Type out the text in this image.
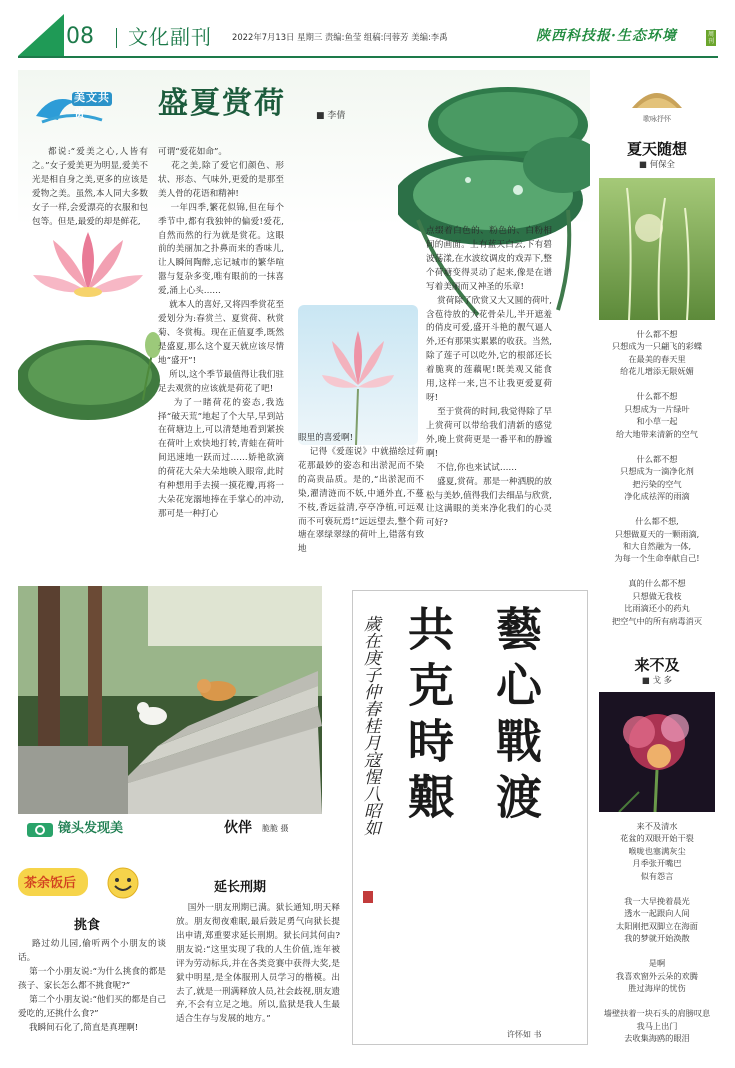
08 文化副刊 2022年7月13日 星期三 责编:鱼莹 组稿:闫蓉芳 美编:李禹	陕西科技报·生态环境	周刊
美文共赏	盛夏赏荷	■ 李倩
都说:“爱美之心,人皆有之。”女子爱美更为明显,爱美不光是相自身之美,更多的应该是爱物之美。虽然,本人同大多数女子一样,会爱漂亮的衣服和包包等。但是,最爱的却是鲜花,
可谓“爱花如命”。
花之美,除了爱它们颜色、形状、形态、气味外,更爱的是那至美人骨的花语和精神!
一年四季,繁花似锦,但在每个季节中,都有我独钟的偏爱!爱花,自然而然的行为就是赏花。这眼前的美丽加之扑鼻而来的香味儿,让人瞬间陶醉,忘记城市的繁华喧嚣与复杂多变,唯有眼前的一抹喜爱,涌上心头……
就本人的喜好,又将四季赏花至爱划分为:春赏兰、夏赏荷、秋赏菊、冬赏梅。现在正值夏季,既然是盛夏,那么这个夏天就应该尽情地“盛开”!
所以,这个季节最值得让我们驻足去观赏的应该就是荷花了吧!
为了一睹荷花的姿态,我选择“破天荒”地起了个大早,早到站在荷塘边上,可以清楚地看到紧挨在荷叶上欢快地打转,青蛙在荷叶间迅速地一跃而过……娇艳欲滴的荷花大朵大朵地映入眼帘,此时有种想用手去摸一摸花瓣,再将一大朵花宠溺地捧在手掌心的冲动,那可是一种打心
眼里的喜爱啊!
记得《爱莲说》中就描绘过荷花那最妙的姿态和出淤泥而不染的高贵品质。是的,“出淤泥而不染,濯清涟而不妖,中通外直,不蔓不枝,香远益清,亭亭净植,可远观而不可亵玩焉!”远远望去,整个荷塘在翠绿翠绿的荷叶上,错落有致地
点缀着白色的、粉色的、白粉相间的画面。上有蓝天白云,下有碧波荡漾,在水波纹调皮的戏弄下,整个荷塘变得灵动了起来,像是在谱写着美丽而又神圣的乐章!
赏荷除了欣赏又大又圆的荷叶,含苞待放的大花骨朵儿,半开遮羞的俏皮可爱,盛开斗艳的靓气逼人外,还有那果实累累的收获。当然,除了莲子可以吃外,它的根部还长着脆爽的莲藕呢!既美观又能食用,这样一来,岂不让我更爱夏荷呀!
至于赏荷的时间,我觉得除了早上赏荷可以带给我们清新的感觉外,晚上赏荷更是一番平和的静谧啊!
不信,你也来试试……
盛夏,赏荷。那是一种洒脱的放松与美妙,值得我们去细品与欣赏,让这满眼的美来净化我们的心灵可好?
镜头发现美	伙伴 脆脆 摄	藝心戰渡
共克時艱
歲在庚子仲春桂月寇惺八昭如
许怀如 书
茶余饭后
挑食
路过幼儿园,偷听两个小朋友的谈话。
第一个小朋友说:“为什么挑食的都是孩子、家长怎么都不挑食呢?”
第二个小朋友说:“他们买的都是自己爱吃的,还挑什么食?”
我瞬间石化了,简直是真理啊!
延长刑期
国外一朋友刑期已满。狱长通知,明天释放。朋友彻夜难眠,最后鼓足勇气向狱长提出申请,郑重要求延长刑期。狱长问其何由?朋友说:“这里实现了我的人生价值,连年被评为劳动标兵,并在各类竞赛中获得大奖,是狱中明星,是全体服刑人员学习的楷模。出去了,就是一刑满释放人员,社会歧视,朋友遗弃,不会有立足之地。所以,监狱是我人生最适合生存与发展的地方。”
歌咏抒怀
夏天随想
■ 何保全
什么都不想
只想成为一只翩飞的彩蝶
在最美的春天里
给花儿增添无限妩媚

什么都不想
只想成为一片绿叶
和小草一起
给大地带来清新的空气

什么都不想
只想成为一滴净化剂
把污染的空气
净化成祛浑的雨滴

什么都不想,
只想做夏天的一颗雨滴,
和大自然融为一体,
为每一个生命奉献自己!

真的什么都不想
只想做无我枝
比雨滴还小的药丸
把空气中的所有病毒消灭
来不及
■ 戈 多
来不及清水
花盆的双眼开始干裂
喉咙也塞满灰尘
月季张开嘴巴
似有怨言

我一大早挽着晨光
透水一起跟向人间
太阳刚把双脚立在海面
我的梦就开始涣散

是啊
我喜欢窗外云朵的欢腾
胜过海岸的忧伤

墙壁扶着一块石头的肩膀叹息
我马上出门
去收集海鸥的眼泪
